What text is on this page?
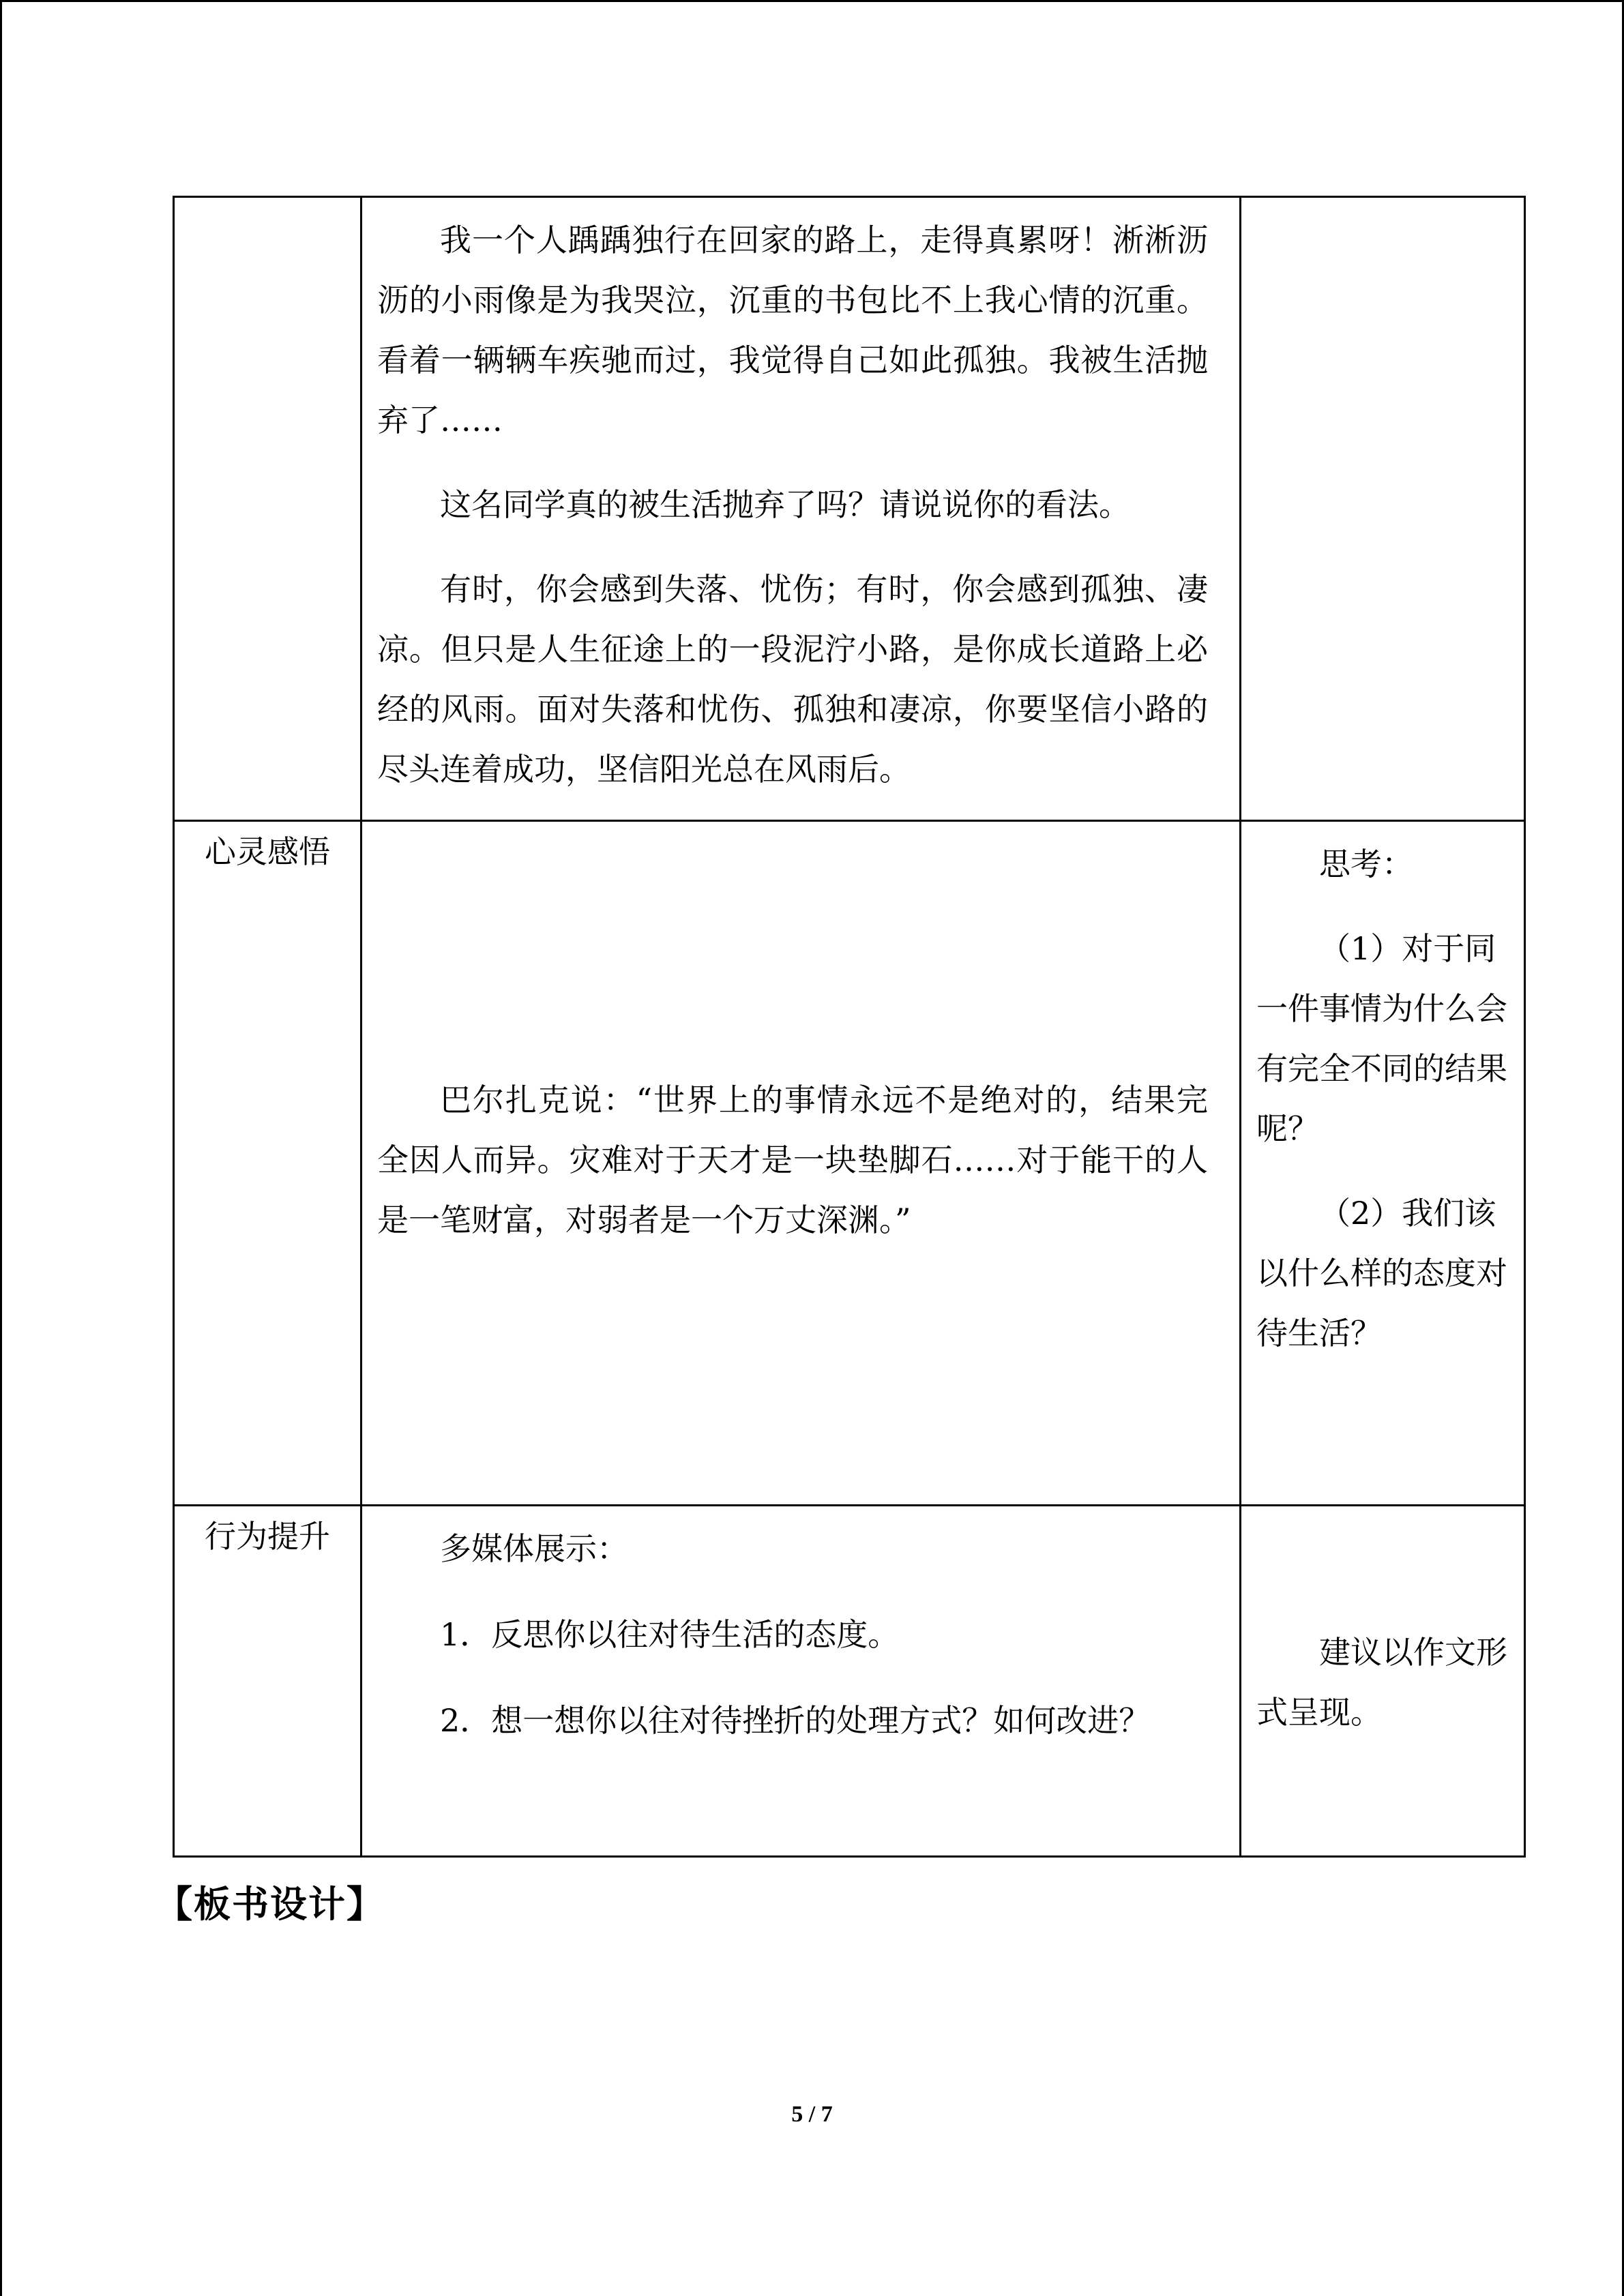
	我一个人踽踽独行在回家的路上，走得真累呀！淅淅沥沥的小雨像是为我哭泣，沉重的书包比不上我心情的沉重。看着一辆辆车疾驰而过，我觉得自己如此孤独。我被生活抛弃了……

这名同学真的被生活抛弃了吗？请说说你的看法。

有时，你会感到失落、忧伤；有时，你会感到孤独、凄凉。但只是人生征途上的一段泥泞小路，是你成长道路上必经的风雨。面对失落和忧伤、孤独和凄凉，你要坚信小路的尽头连着成功，坚信阳光总在风雨后。	

心灵感悟	巴尔扎克说：“世界上的事情永远不是绝对的，结果完全因人而异。灾难对于天才是一块垫脚石……对于能干的人是一笔财富，对弱者是一个万丈深渊。”	思考：

（1）对于同一件事情为什么会有完全不同的结果呢？

（2）我们该以什么样的态度对待生活？

行为提升	多媒体展示：

1．反思你以往对待生活的态度。

2．想一想你以往对待挫折的处理方式？如何改进？	建议以作文形式呈现。

【板书设计】
5 / 7
